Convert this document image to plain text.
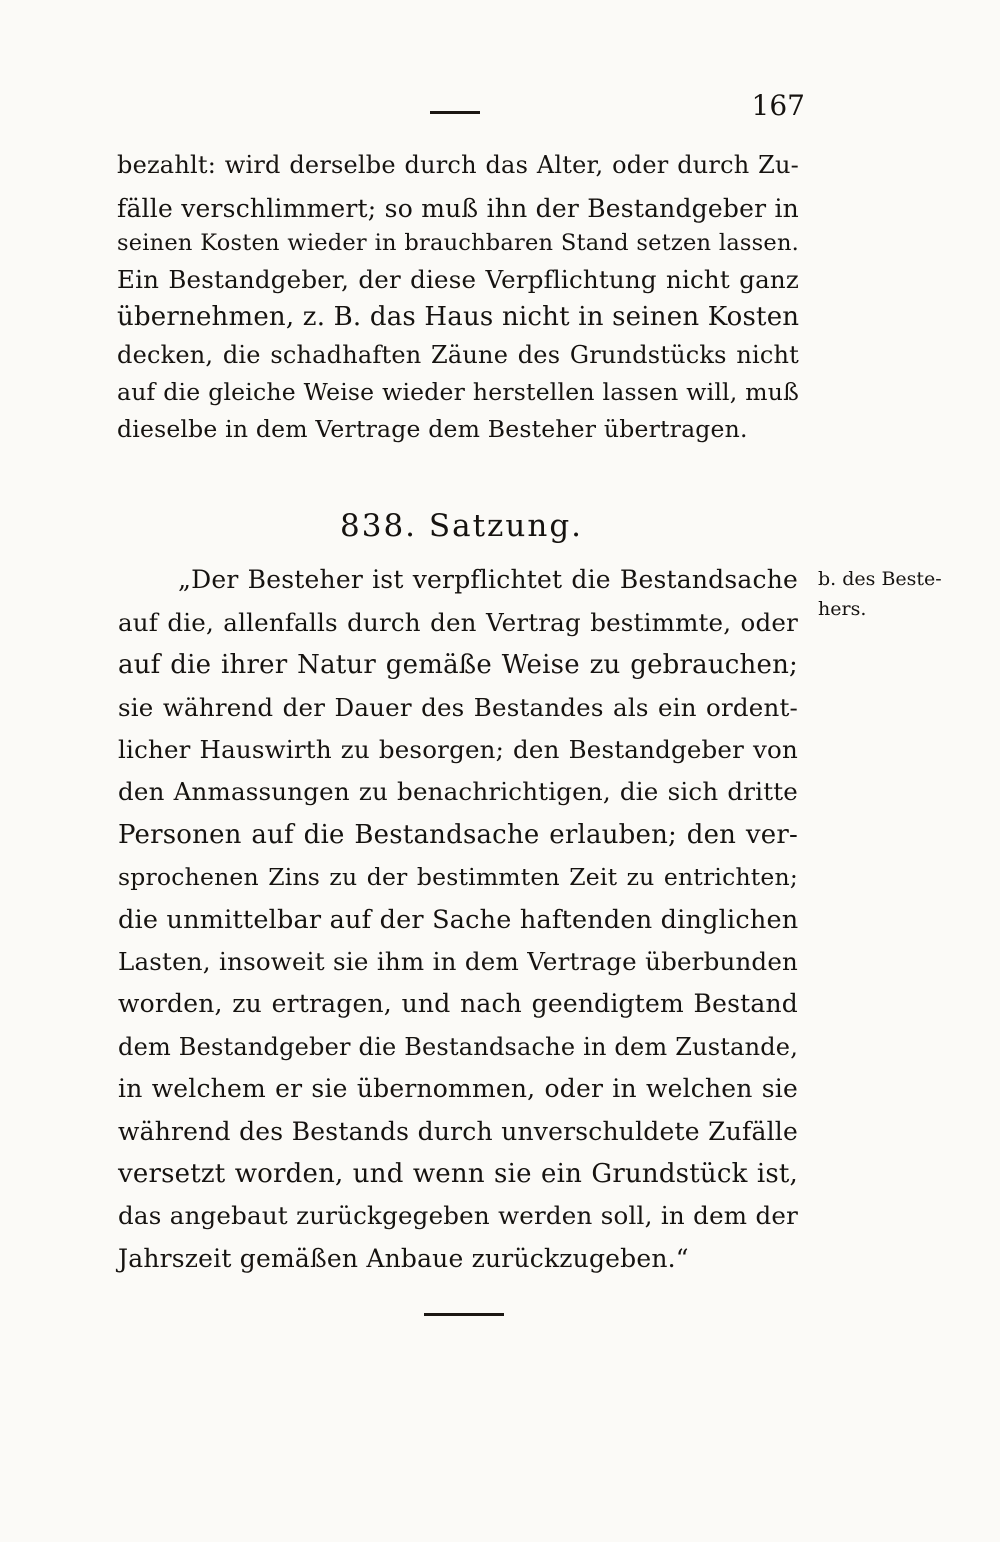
167
bezahlt: wird derselbe durch das Alter, oder durch Zu-
fälle verschlimmert; so muß ihn der Bestandgeber in
seinen Kosten wieder in brauchbaren Stand setzen lassen.
Ein Bestandgeber, der diese Verpflichtung nicht ganz
übernehmen, z. B. das Haus nicht in seinen Kosten
decken, die schadhaften Zäune des Grundstücks nicht
auf die gleiche Weise wieder herstellen lassen will, muß
dieselbe in dem Vertrage dem Besteher übertragen.
838. Satzung.
b. des Beste-
hers.
„Der Besteher ist verpflichtet die Bestandsache
auf die, allenfalls durch den Vertrag bestimmte, oder
auf die ihrer Natur gemäße Weise zu gebrauchen;
sie während der Dauer des Bestandes als ein ordent-
licher Hauswirth zu besorgen; den Bestandgeber von
den Anmassungen zu benachrichtigen, die sich dritte
Personen auf die Bestandsache erlauben; den ver-
sprochenen Zins zu der bestimmten Zeit zu entrichten;
die unmittelbar auf der Sache haftenden dinglichen
Lasten, insoweit sie ihm in dem Vertrage überbunden
worden, zu ertragen, und nach geendigtem Bestand
dem Bestandgeber die Bestandsache in dem Zustande,
in welchem er sie übernommen, oder in welchen sie
während des Bestands durch unverschuldete Zufälle
versetzt worden, und wenn sie ein Grundstück ist,
das angebaut zurückgegeben werden soll, in dem der
Jahrszeit gemäßen Anbaue zurückzugeben.“
